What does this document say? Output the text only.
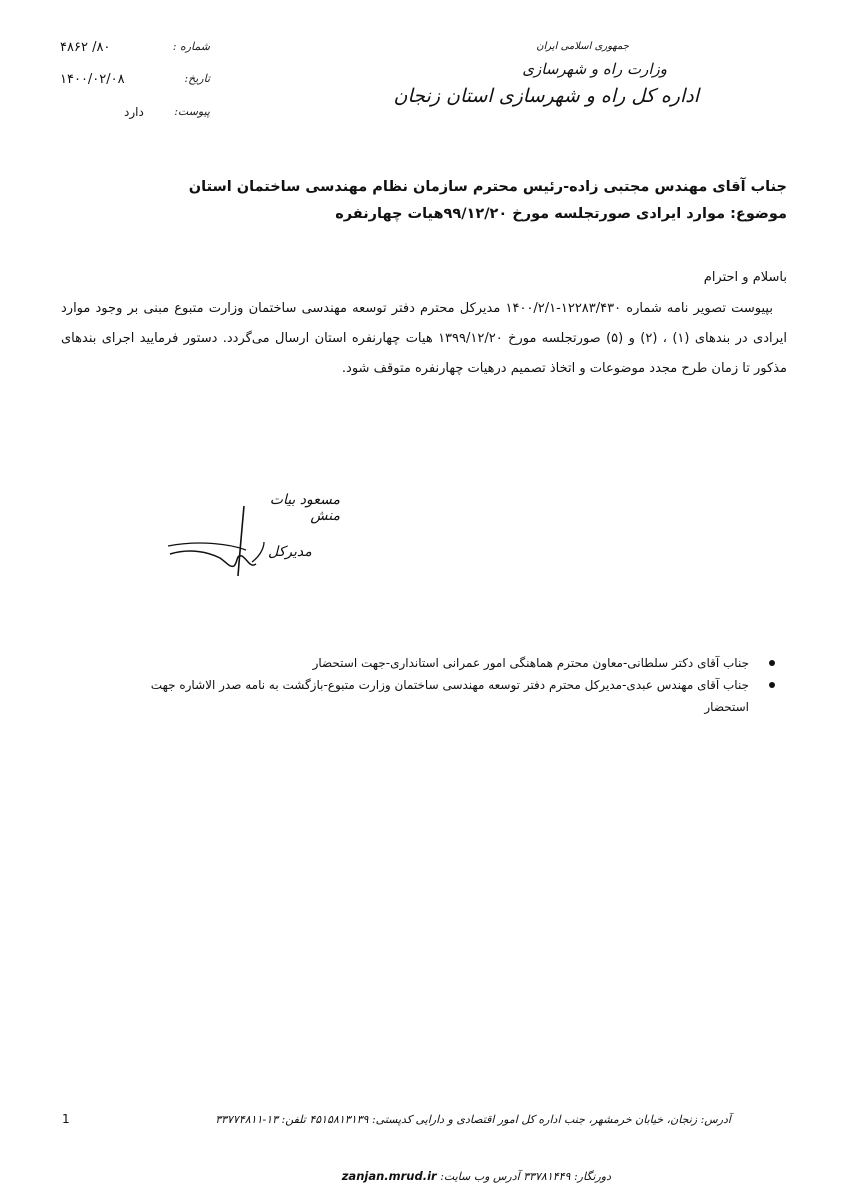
جمهوری اسلامی ایران
وزارت راه و شهرسازی
اداره کل راه و شهرسازی استان زنجان
شماره :
۸۰/ ۴۸۶۲
تاریخ:
۱۴۰۰/۰۲/۰۸
پیوست:
دارد
جناب آقای مهندس مجتبی زاده-رئیس محترم سازمان نظام مهندسی ساختمان استان
موضوع: موارد ایرادی صورتجلسه مورخ ۹۹/۱۲/۲۰هیات چهارنفره
باسلام و احترام
بپیوست تصویر نامه شماره ۱۲۲۸۳/۴۳۰-۱۴۰۰/۲/۱ مدیرکل محترم دفتر توسعه مهندسی ساختمان وزارت متبوع مبنی بر وجود موارد ایرادی در بندهای (۱) ، (۲) و (۵) صورتجلسه مورخ ۱۳۹۹/۱۲/۲۰ هیات چهارنفره استان ارسال می‌گردد. دستور فرمایید اجرای بندهای مذکور تا زمان طرح مجدد موضوعات و اتخاذ تصمیم درهیات چهارنفره متوقف شود.
مسعود بیات منش
مدیرکل
جناب آقای دکتر سلطانی-معاون محترم هماهنگی امور عمرانی استانداری-جهت استحضار
جناب آقای مهندس عبدی-مدیرکل محترم دفتر توسعه مهندسی ساختمان وزارت متبوع-بازگشت به نامه صدر الاشاره جهت استحضار
1	آدرس: زنجان، خیابان خرمشهر، جنب اداره کل امور اقتصادی و دارایی کدپستی: ۴۵۱۵۸۱۳۱۳۹ تلفن: ۱۳-۳۳۷۷۴۸۱۱
دورنگار: ۳۳۷۸۱۴۴۹ آدرس وب سایت: zanjan.mrud.ir
